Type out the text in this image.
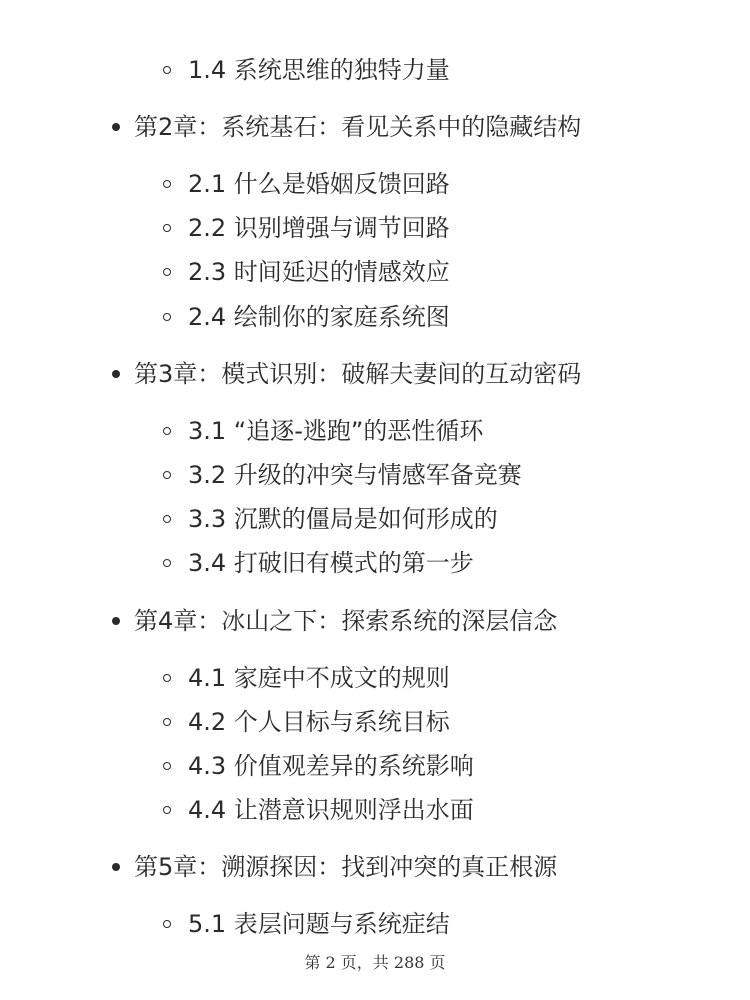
1.4 系统思维的独特力量
第2章：系统基石：看见关系中的隐藏结构
2.1 什么是婚姻反馈回路
2.2 识别增强与调节回路
2.3 时间延迟的情感效应
2.4 绘制你的家庭系统图
第3章：模式识别：破解夫妻间的互动密码
3.1 “追逐-逃跑”的恶性循环
3.2 升级的冲突与情感军备竞赛
3.3 沉默的僵局是如何形成的
3.4 打破旧有模式的第一步
第4章：冰山之下：探索系统的深层信念
4.1 家庭中不成文的规则
4.2 个人目标与系统目标
4.3 价值观差异的系统影响
4.4 让潜意识规则浮出水面
第5章：溯源探因：找到冲突的真正根源
5.1 表层问题与系统症结
第 2 页，共 288 页
